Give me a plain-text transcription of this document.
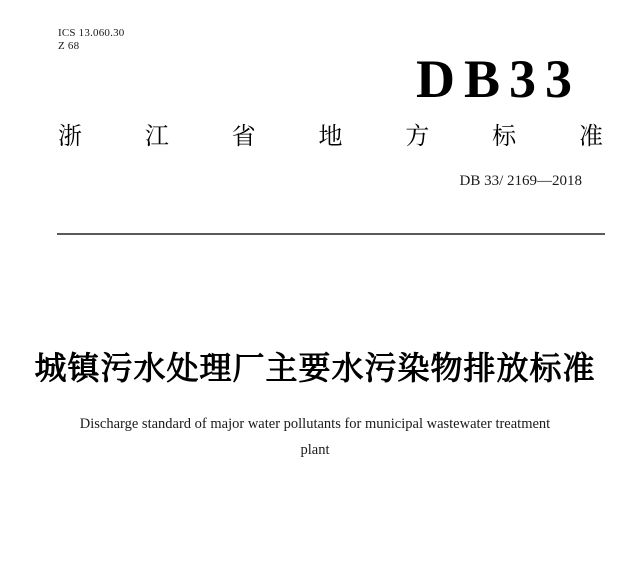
ICS 13.060.30
Z 68
DB33
浙	江	省	地	方	标	准
DB 33/ 2169—2018
城镇污水处理厂主要水污染物排放标准

Discharge standard of major water pollutants for municipal wastewater treatment
plant
